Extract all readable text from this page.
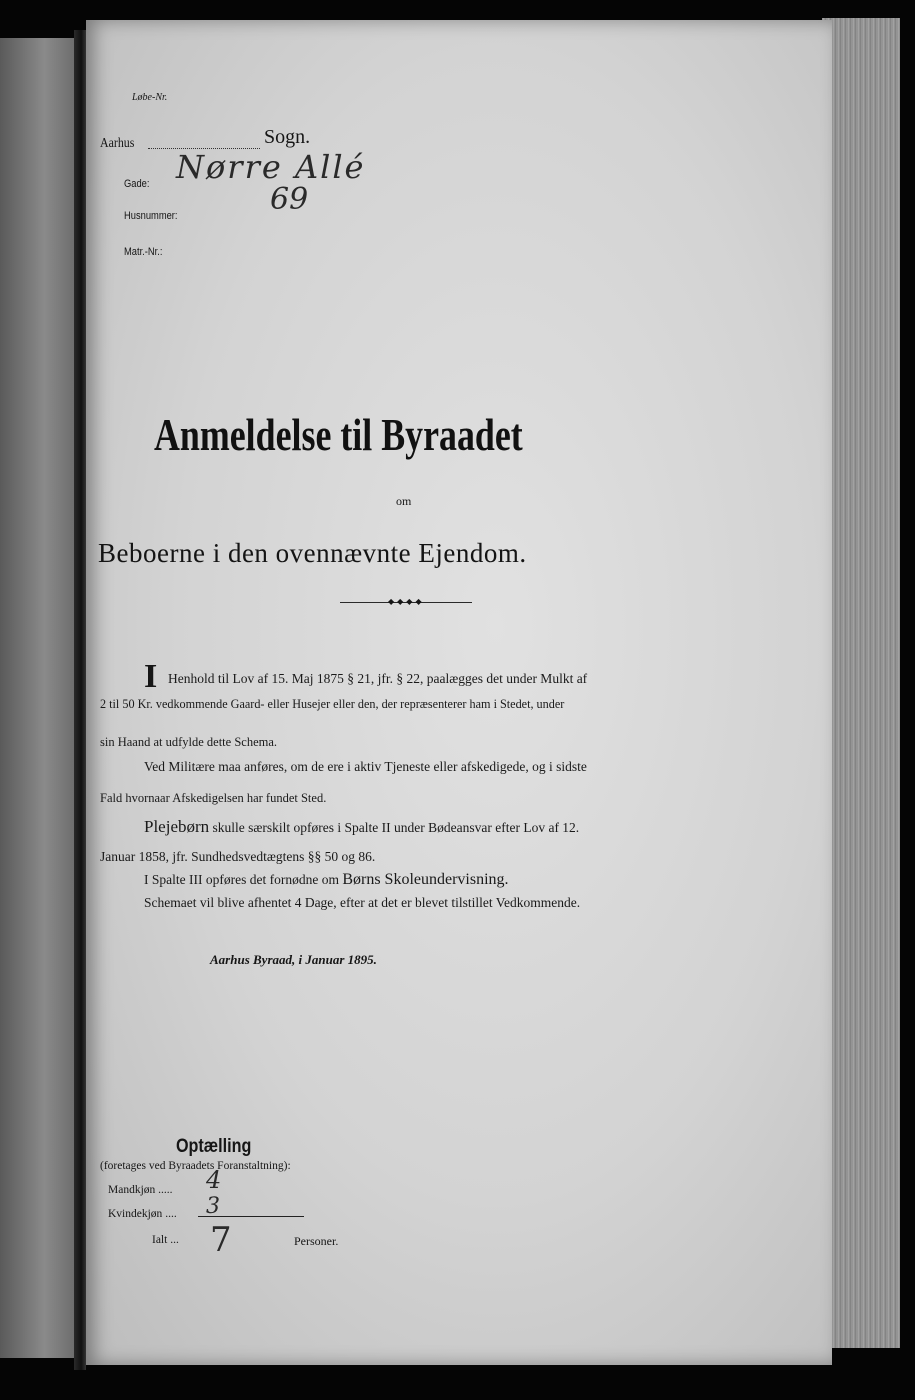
Løbe-Nr.
Aarhus	Sogn.
Gade: Nørre Allé
Husnummer:	69
Matr.-Nr.:
Anmeldelse til Byraadet
om
Beboerne i den ovennævnte Ejendom.
◆◆◆◆
I Henhold til Lov af 15. Maj 1875 § 21, jfr. § 22, paalægges det under Mulkt af
2 til 50 Kr. vedkommende Gaard- eller Husejer eller den, der repræsenterer ham i Stedet, under
sin Haand at udfylde dette Schema.
Ved Militære maa anføres, om de ere i aktiv Tjeneste eller afskedigede, og i sidste
Fald hvornaar Afskedigelsen har fundet Sted.
Plejebørn skulle særskilt opføres i Spalte II under Bødeansvar efter Lov af 12.
Januar 1858, jfr. Sundhedsvedtægtens §§ 50 og 86.
I Spalte III opføres det fornødne om Børns Skoleundervisning.
Schemaet vil blive afhentet 4 Dage, efter at det er blevet tilstillet Vedkommende.
Aarhus Byraad, i Januar 1895.
Optælling
(foretages ved Byraadets Foranstaltning):
Mandkjøn ..... 4
Kvindekjøn .... 3
Ialt ... 7	Personer.
